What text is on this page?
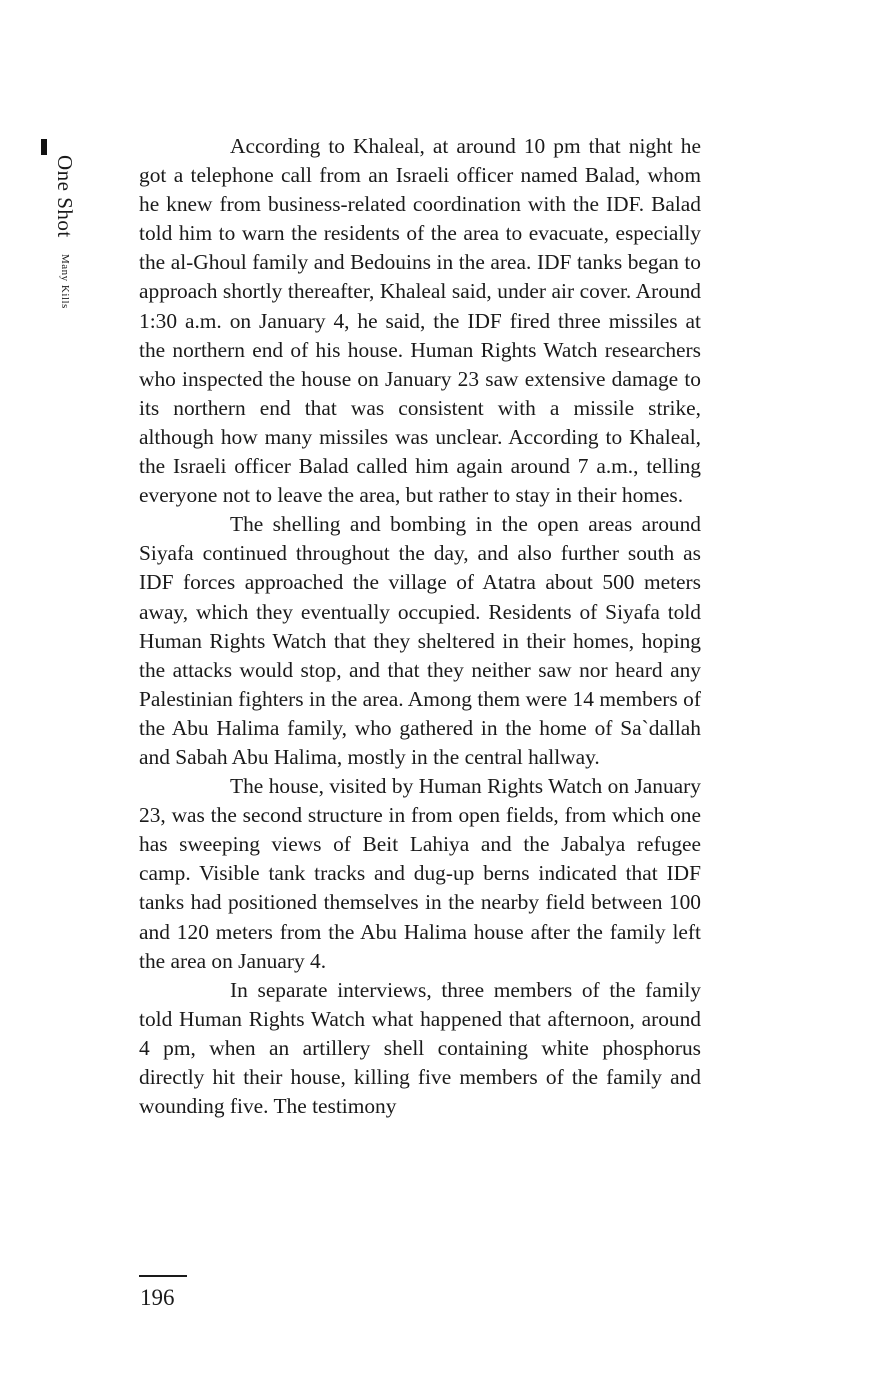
One Shot Many Kills

According to Khaleal, at around 10 pm that night he got a telephone call from an Israeli officer named Balad, whom he knew from business-related coordination with the IDF. Balad told him to warn the residents of the area to evacuate, especially the al-Ghoul family and Bedouins in the area. IDF tanks began to approach shortly thereafter, Khaleal said, under air cover. Around 1:30 a.m. on January 4, he said, the IDF fired three missiles at the northern end of his house. Human Rights Watch researchers who inspected the house on January 23 saw extensive damage to its northern end that was consistent with a missile strike, although how many missiles was unclear. According to Khaleal, the Israeli officer Balad called him again around 7 a.m., telling everyone not to leave the area, but rather to stay in their homes.

The shelling and bombing in the open areas around Siyafa continued throughout the day, and also further south as IDF forces approached the village of Atatra about 500 meters away, which they eventually occupied. Residents of Siyafa told Human Rights Watch that they sheltered in their homes, hoping the attacks would stop, and that they neither saw nor heard any Palestinian fighters in the area. Among them were 14 members of the Abu Halima family, who gathered in the home of Sa`dallah and Sabah Abu Halima, mostly in the central hallway.

The house, visited by Human Rights Watch on January 23, was the second structure in from open fields, from which one has sweeping views of Beit Lahiya and the Jabalya refugee camp. Visible tank tracks and dug-up berns indicated that IDF tanks had positioned themselves in the nearby field between 100 and 120 meters from the Abu Halima house after the family left the area on January 4.

In separate interviews, three members of the family told Human Rights Watch what happened that afternoon, around 4 pm, when an artillery shell containing white phosphorus directly hit their house, killing five members of the family and wounding five. The testimony

196
